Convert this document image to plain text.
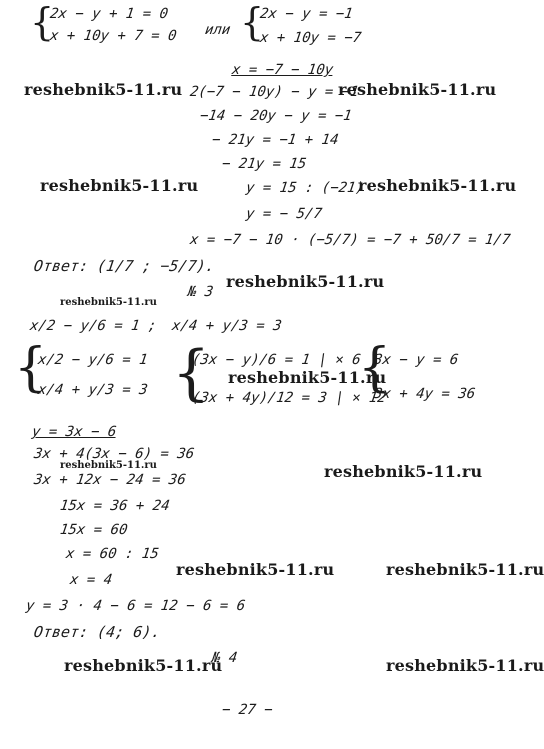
{
2x − y + 1 = 0
x + 10y + 7 = 0 или {
2x − y = −1
x + 10y = −7
x = −7 − 10y
reshebnik5-11.ru 2(−7 − 10y) − y = −1
reshebnik5-11.ru
−14 − 20y − y = −1
− 21y = −1 + 14
− 21y = 15
reshebnik5-11.ru	y = 15 : (−21)
reshebnik5-11.ru
y = − 5/7
x = −7 − 10 · (−5/7) = −7 + 50/7 = 1/7
Ответ: (1/7 ; −5/7).
reshebnik5-11.ru
№ 3
reshebnik5-11.ru
x/2 − y/6 = 1 ; x/4 + y/3 = 3
{
x/2 − y/6 = 1
x/4 + y/3 = 3 {
(3x − y)/6 = 1 | × 6
reshebnik5-11.ru
(3x + 4y)/12 = 3 | × 12
{
3x − y = 6
3x + 4y = 36
y = 3x − 6
3x + 4(3x − 6) = 36
reshebnik5-11.ru	reshebnik5-11.ru
3x + 12x − 24 = 36
15x = 36 + 24
15x = 60
x = 60 : 15
reshebnik5-11.ru	reshebnik5-11.ru
x = 4
y = 3 · 4 − 6 = 12 − 6 = 6
Ответ: (4; 6).
reshebnik5-11.ru
№ 4	reshebnik5-11.ru
− 27 −
